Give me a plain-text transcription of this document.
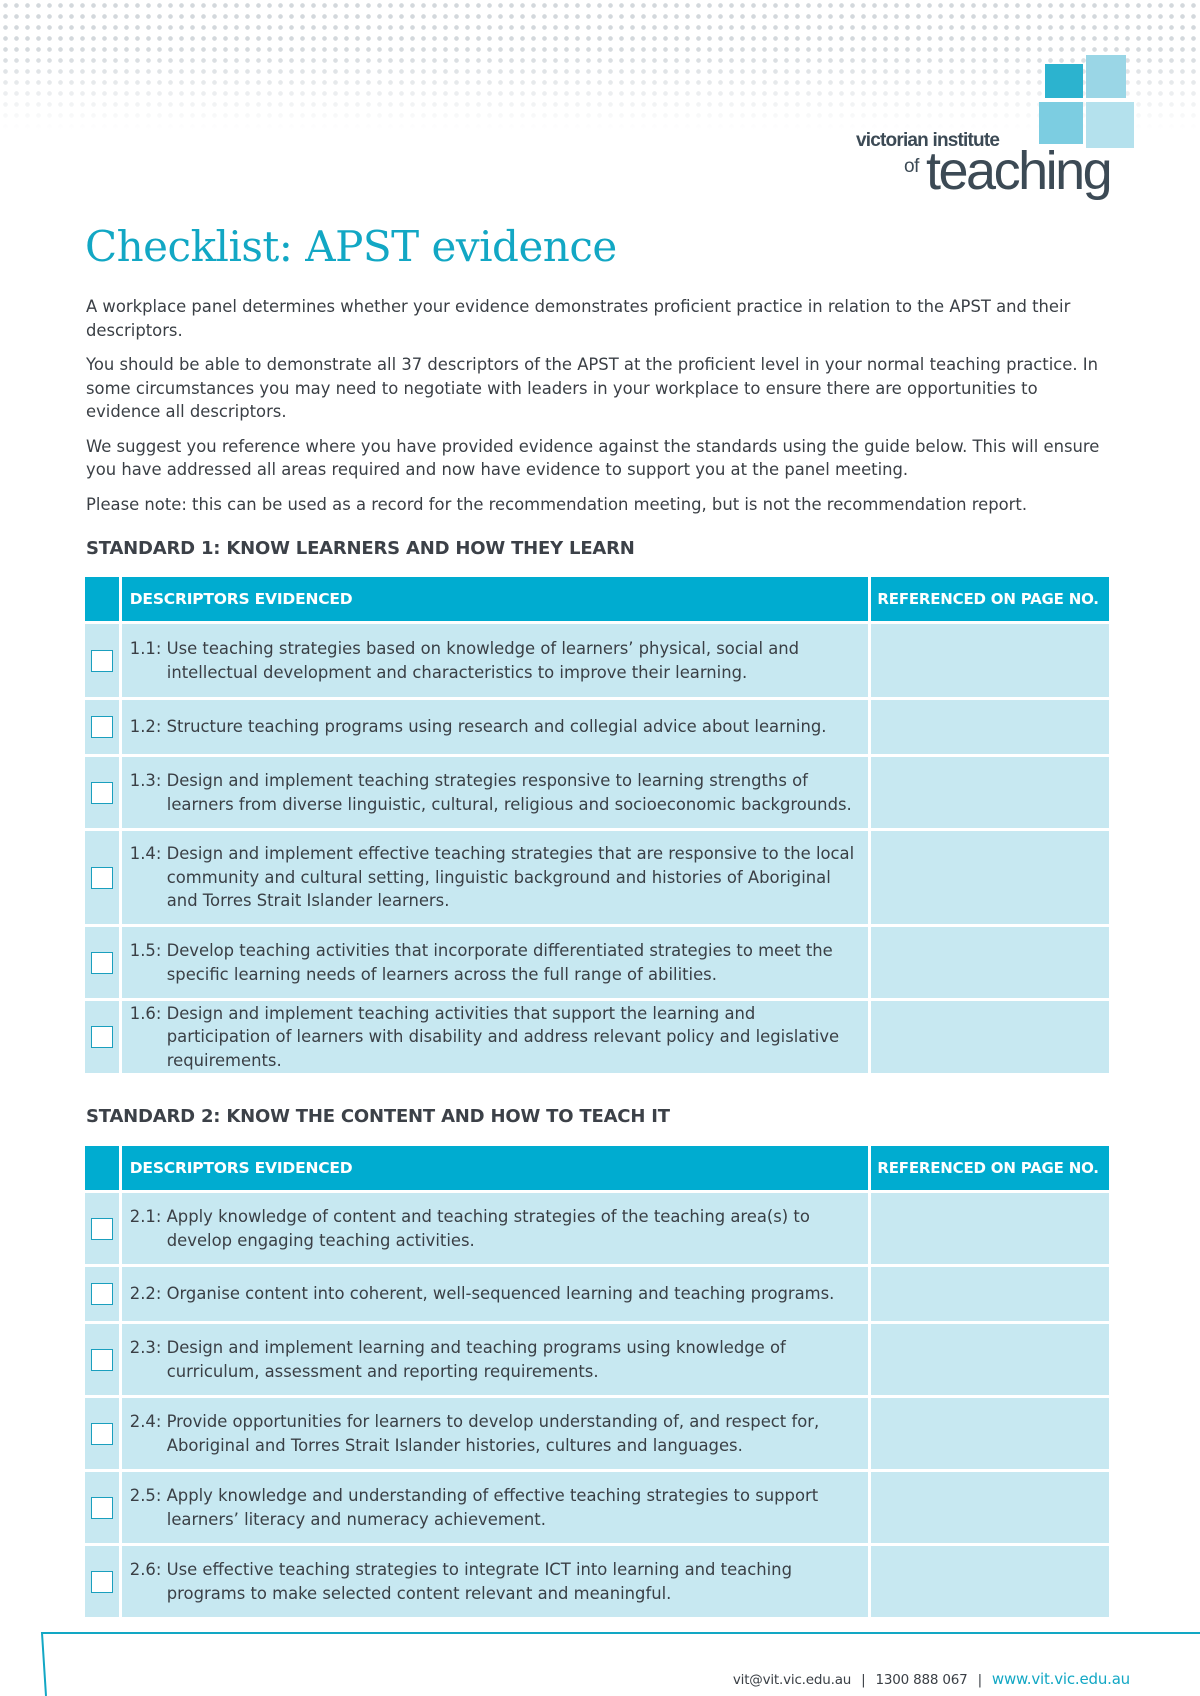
victorian institute
of teaching
Checklist: APST evidence

A workplace panel determines whether your evidence demonstrates proficient practice in relation to the APST and their descriptors.

You should be able to demonstrate all 37 descriptors of the APST at the proficient level in your normal teaching practice. In some circumstances you may need to negotiate with leaders in your workplace to ensure there are opportunities to evidence all descriptors.

We suggest you reference where you have provided evidence against the standards using the guide below. This will ensure you have addressed all areas required and now have evidence to support you at the panel meeting.

Please note: this can be used as a record for the recommendation meeting, but is not the recommendation report.

STANDARD 1: KNOW LEARNERS AND HOW THEY LEARN
	DESCRIPTORS EVIDENCED	REFERENCED ON PAGE NO.

	1.1: Use teaching strategies based on knowledge of learners’ physical, social and intellectual development and characteristics to improve their learning.	

	1.2: Structure teaching programs using research and collegial advice about learning.	

	1.3: Design and implement teaching strategies responsive to learning strengths of learners from diverse linguistic, cultural, religious and socioeconomic backgrounds.	

	1.4: Design and implement effective teaching strategies that are responsive to the local community and cultural setting, linguistic background and histories of Aboriginal and Torres Strait Islander learners.	

	1.5: Develop teaching activities that incorporate differentiated strategies to meet the specific learning needs of learners across the full range of abilities.	

	1.6: Design and implement teaching activities that support the learning and participation of learners with disability and address relevant policy and legislative requirements.	

STANDARD 2: KNOW THE CONTENT AND HOW TO TEACH IT
	DESCRIPTORS EVIDENCED	REFERENCED ON PAGE NO.

	2.1: Apply knowledge of content and teaching strategies of the teaching area(s) to develop engaging teaching activities.	

	2.2: Organise content into coherent, well-sequenced learning and teaching programs.	

	2.3: Design and implement learning and teaching programs using knowledge of curriculum, assessment and reporting requirements.	

	2.4: Provide opportunities for learners to develop understanding of, and respect for, Aboriginal and Torres Strait Islander histories, cultures and languages.	

	2.5: Apply knowledge and understanding of effective teaching strategies to support learners’ literacy and numeracy achievement.	

	2.6: Use effective teaching strategies to integrate ICT into learning and teaching programs to make selected content relevant and meaningful.	

vit@vit.vic.edu.au | 1300 888 067 | www.vit.vic.edu.au
